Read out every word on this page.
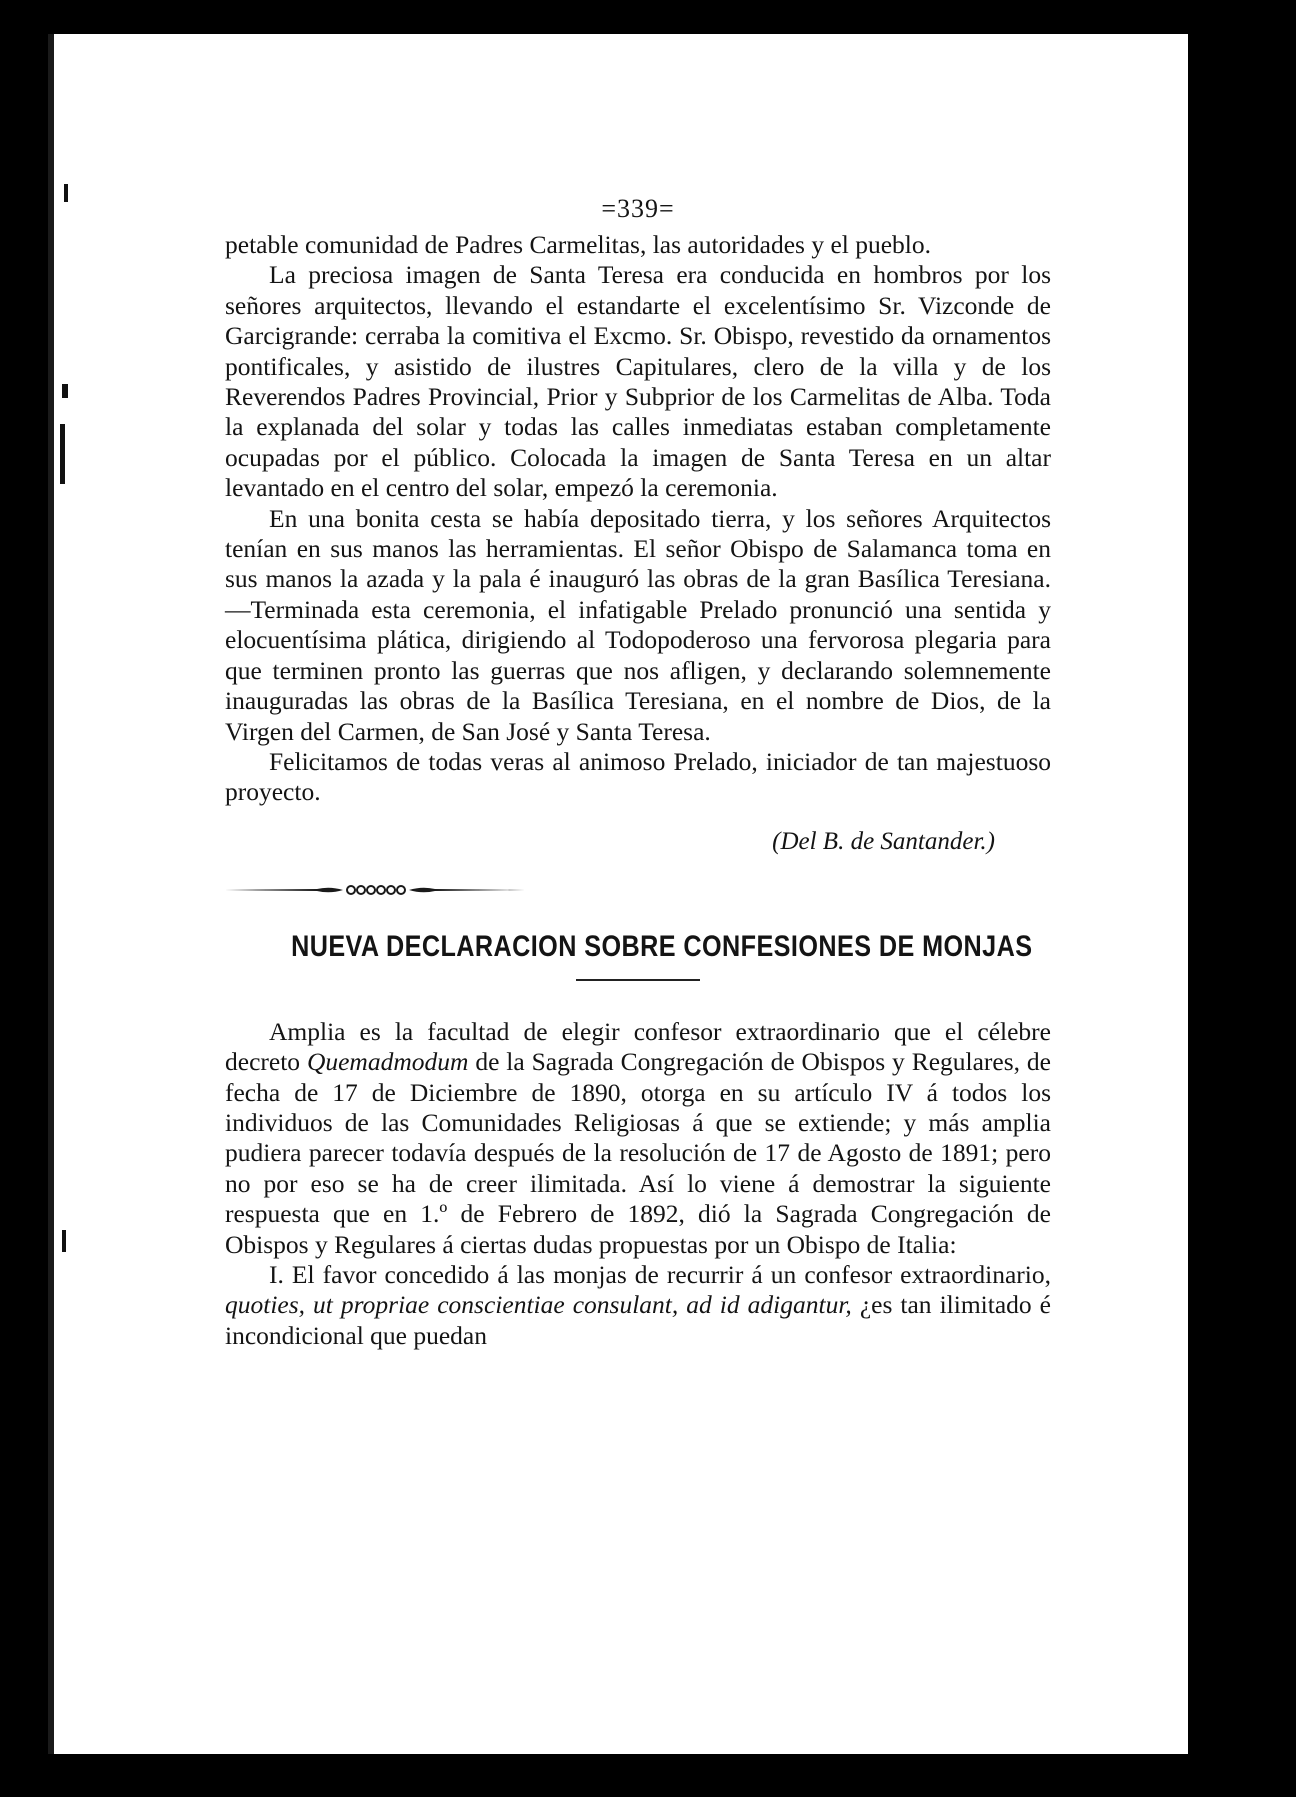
=339=

petable comunidad de Padres Carmelitas, las autoridades y el pueblo.

La preciosa imagen de Santa Teresa era conducida en hombros por los señores arquitectos, llevando el estandarte el excelentísimo Sr. Vizconde de Garcigrande: cerraba la comitiva el Excmo. Sr. Obispo, revestido da ornamentos pontificales, y asistido de ilustres Capitulares, clero de la villa y de los Reverendos Padres Provincial, Prior y Subprior de los Carmelitas de Alba. Toda la explanada del solar y todas las calles inmediatas estaban completamente ocupadas por el público. Colocada la imagen de Santa Teresa en un altar levantado en el centro del solar, empezó la ceremonia.

En una bonita cesta se había depositado tierra, y los señores Arquitectos tenían en sus manos las herramientas. El señor Obispo de Salamanca toma en sus manos la azada y la pala é inauguró las obras de la gran Basílica Teresiana.—Terminada esta ceremonia, el infatigable Prelado pronunció una sentida y elocuentísima plática, dirigiendo al Todopoderoso una fervorosa plegaria para que terminen pronto las guerras que nos afligen, y declarando solemnemente inauguradas las obras de la Basílica Teresiana, en el nombre de Dios, de la Virgen del Carmen, de San José y Santa Teresa.

Felicitamos de todas veras al animoso Prelado, iniciador de tan majestuoso proyecto.

(Del B. de Santander.)
NUEVA DECLARACION SOBRE CONFESIONES DE MONJAS

Amplia es la facultad de elegir confesor extraordinario que el célebre decreto Quemadmodum de la Sagrada Congregación de Obispos y Regulares, de fecha de 17 de Diciembre de 1890, otorga en su artículo IV á todos los individuos de las Comunidades Religiosas á que se extiende; y más amplia pudiera parecer todavía después de la resolución de 17 de Agosto de 1891; pero no por eso se ha de creer ilimitada. Así lo viene á demostrar la siguiente respuesta que en 1.º de Febrero de 1892, dió la Sagrada Congregación de Obispos y Regulares á ciertas dudas propuestas por un Obispo de Italia:

I. El favor concedido á las monjas de recurrir á un confesor extraordinario, quoties, ut propriae conscientiae consulant, ad id adigantur, ¿es tan ilimitado é incondicional que puedan
